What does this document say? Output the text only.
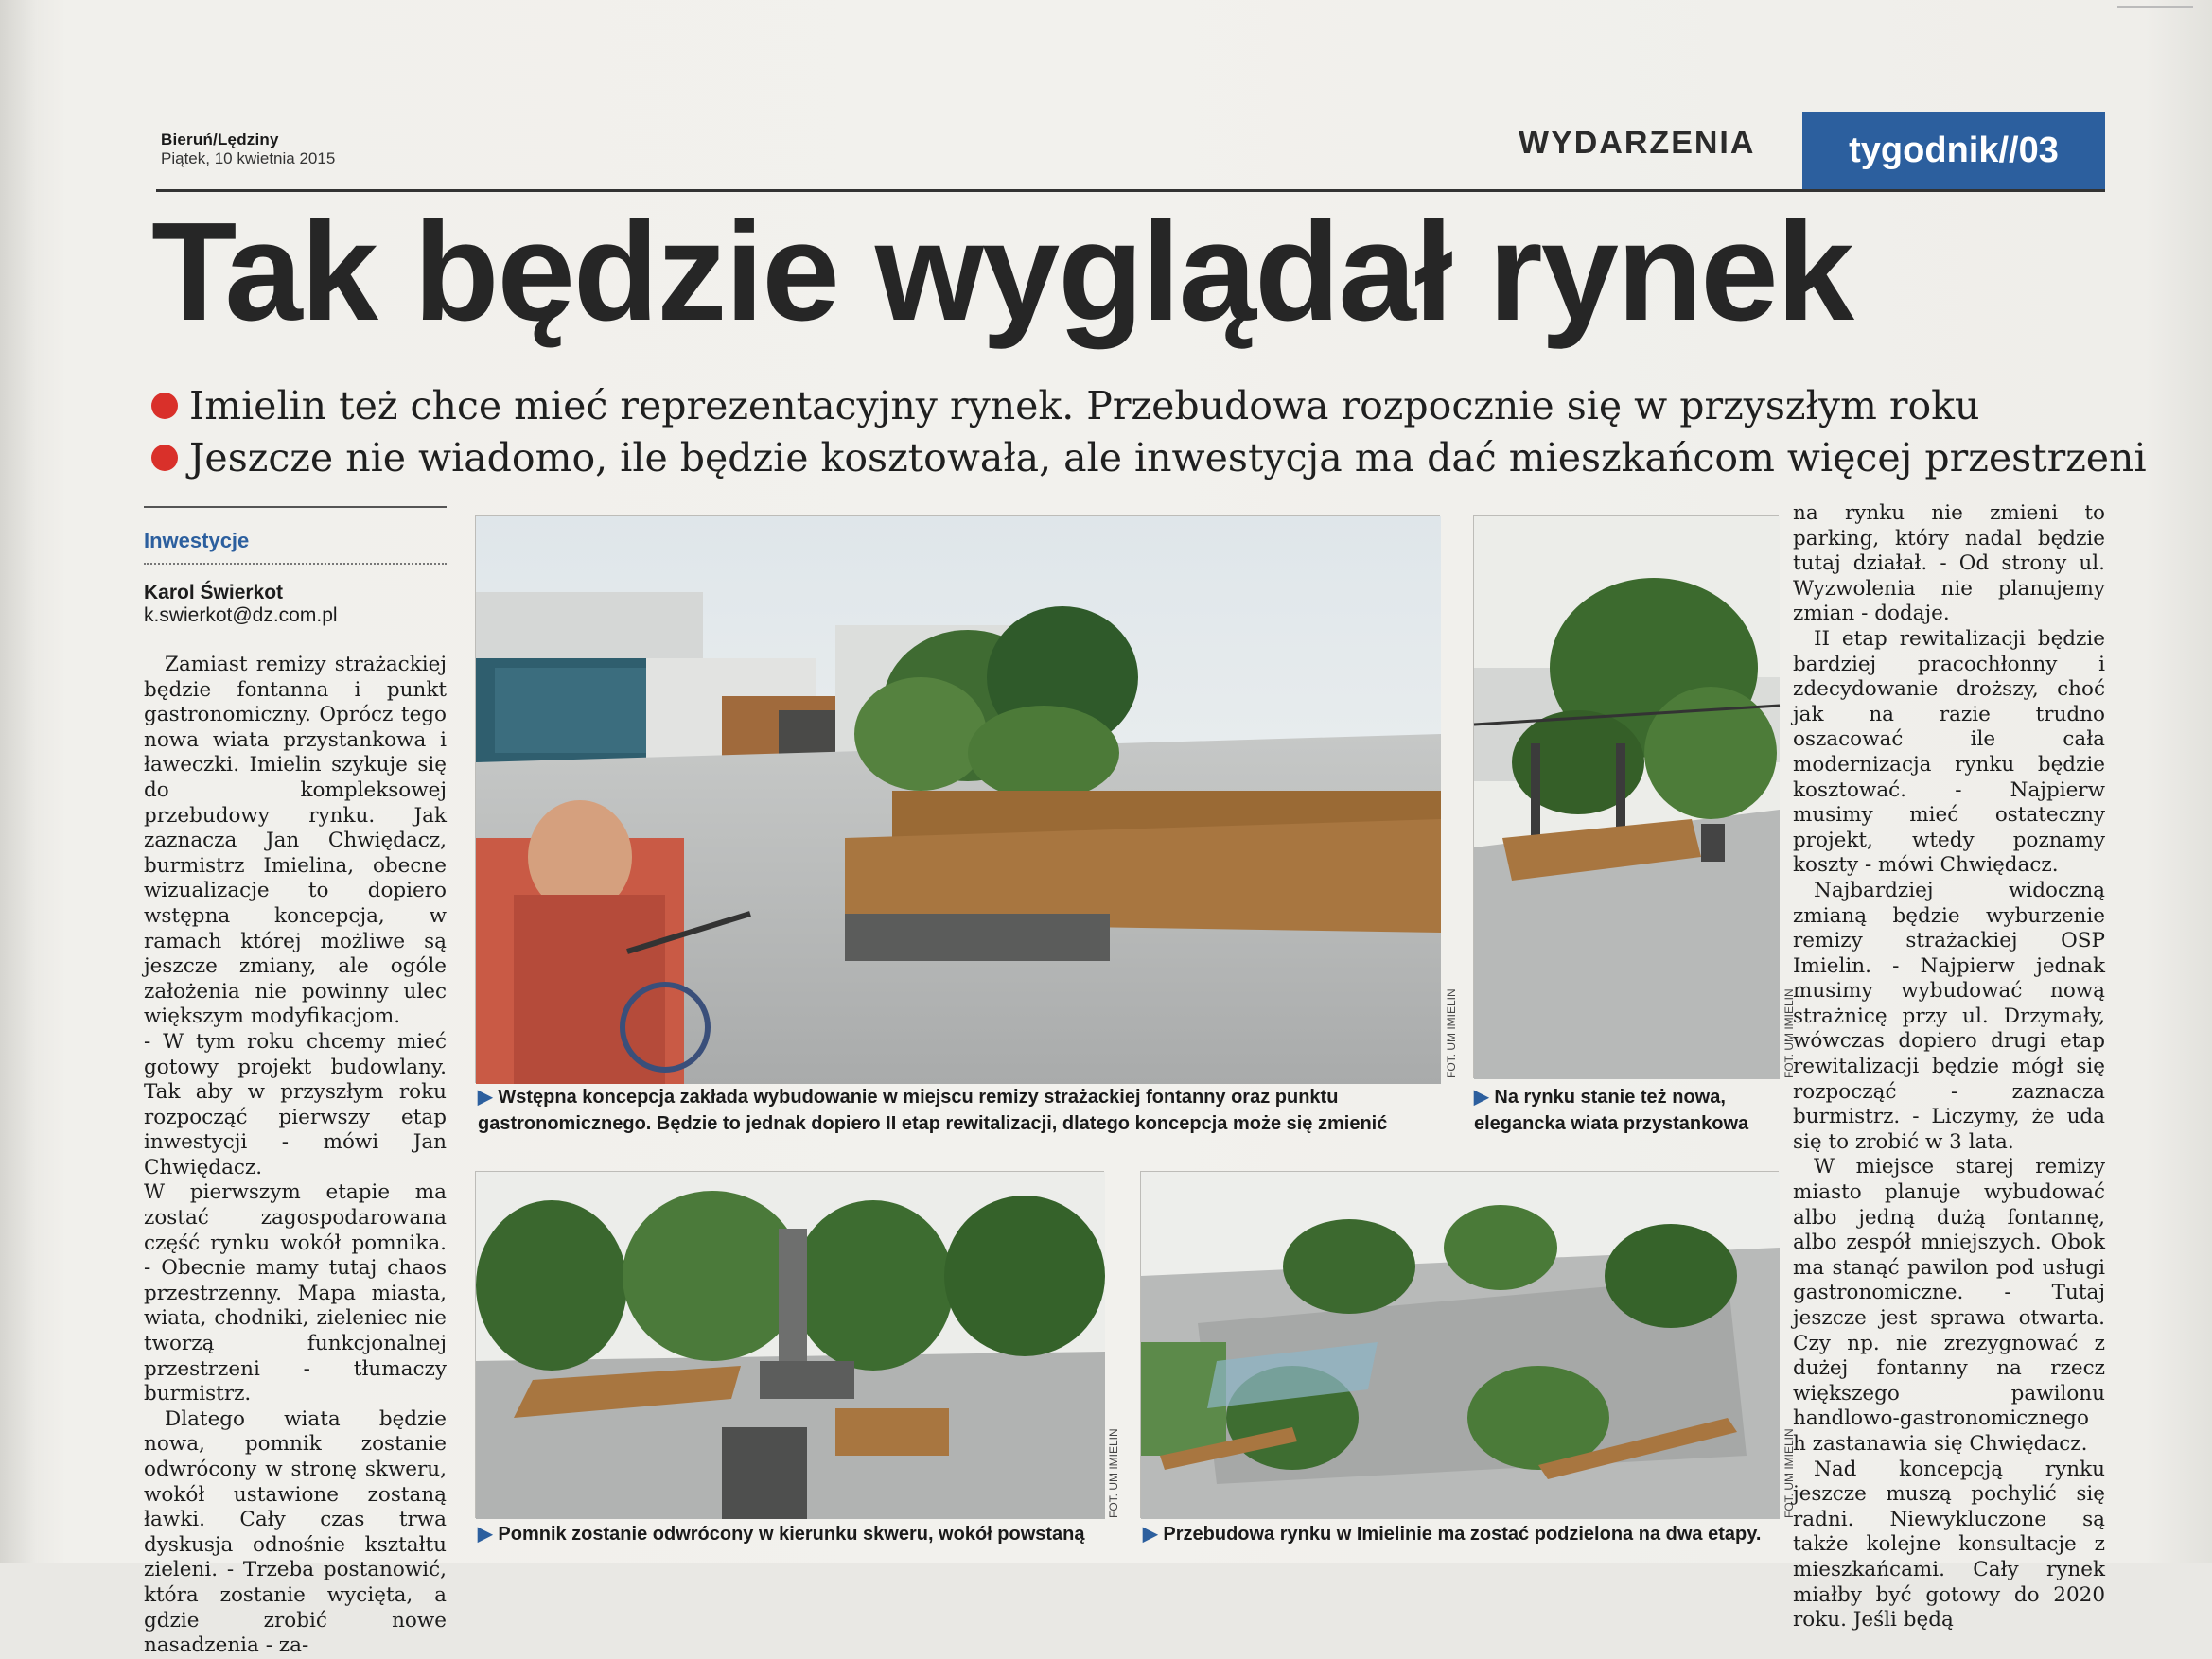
Bieruń/Lędziny
Piątek, 10 kwietnia 2015	WYDARZENIA	tygodnik//03
Tak będzie wyglądał rynek
Imielin też chce mieć reprezentacyjny rynek. Przebudowa rozpocznie się w przyszłym roku
Jeszcze nie wiadomo, ile będzie kosztowała, ale inwestycja ma dać mieszkańcom więcej przestrzeni
Inwestycje
Karol Świerkot
k.swierkot@dz.com.pl

Zamiast remizy strażackiej będzie fontanna i punkt gastronomiczny. Oprócz tego nowa wiata przystankowa i ławeczki. Imielin szykuje się do kompleksowej przebudowy rynku. Jak zaznacza Jan Chwiędacz, burmistrz Imielina, obecne wizualizacje to dopiero wstępna koncepcja, w ramach której możliwe są jeszcze zmiany, ale ogóle założenia nie powinny ulec większym modyfikacjom.

- W tym roku chcemy mieć gotowy projekt budowlany. Tak aby w przyszłym roku rozpocząć pierwszy etap inwestycji - mówi Jan Chwiędacz.

W pierwszym etapie ma zostać zagospodarowana część rynku wokół pomnika. - Obecnie mamy tutaj chaos przestrzenny. Mapa miasta, wiata, chodniki, zieleniec nie tworzą funkcjonalnej przestrzeni - tłumaczy burmistrz.

Dlatego wiata będzie nowa, pomnik zostanie odwrócony w stronę skweru, wokół ustawione zostaną ławki. Cały czas trwa dyskusja odnośnie kształtu zieleni. - Trzeba postanowić, która zostanie wycięta, a gdzie zrobić nowe nasadzenia - za-

na rynku nie zmieni to parking, który nadal będzie tutaj działał. - Od strony ul. Wyzwolenia nie planujemy zmian - dodaje.

II etap rewitalizacji będzie bardziej pracochłonny i zdecydowanie droższy, choć jak na razie trudno oszacować ile cała modernizacja rynku będzie kosztować. - Najpierw musimy mieć ostateczny projekt, wtedy poznamy koszty - mówi Chwiędacz.

Najbardziej widoczną zmianą będzie wyburzenie remizy strażackiej OSP Imielin. - Najpierw jednak musimy wybudować nową strażnicę przy ul. Drzymały, wówczas dopiero drugi etap rewitalizacji będzie mógł się rozpocząć - zaznacza burmistrz. - Liczymy, że uda się to zrobić w 3 lata.

W miejsce starej remizy miasto planuje wybudować albo jedną dużą fontannę, albo zespół mniejszych. Obok ma stanąć pawilon pod usługi gastronomiczne. - Tutaj jeszcze jest sprawa otwarta. Czy np. nie zrezygnować z dużej fontanny na rzecz większego pawilonu handlowo-gastronomicznego h zastanawia się Chwiędacz.

Nad koncepcją rynku jeszcze muszą pochylić się radni. Niewykluczone są także kolejne konsultacje z mieszkańcami. Cały rynek miałby być gotowy do 2020 roku. Jeśli będą

FOT. UM IMIELIN
▶ Wstępna koncepcja zakłada wybudowanie w miejscu remizy strażackiej fontanny oraz punktu
gastronomicznego. Będzie to jednak dopiero II etap rewitalizacji, dlatego koncepcja może się zmienić
FOT. UM IMIELIN
▶ Na rynku stanie też nowa,
elegancka wiata przystankowa
FOT. UM IMIELIN
▶ Pomnik zostanie odwrócony w kierunku skweru, wokół powstaną
FOT. UM IMIELIN
▶ Przebudowa rynku w Imielinie ma zostać podzielona na dwa etapy.
